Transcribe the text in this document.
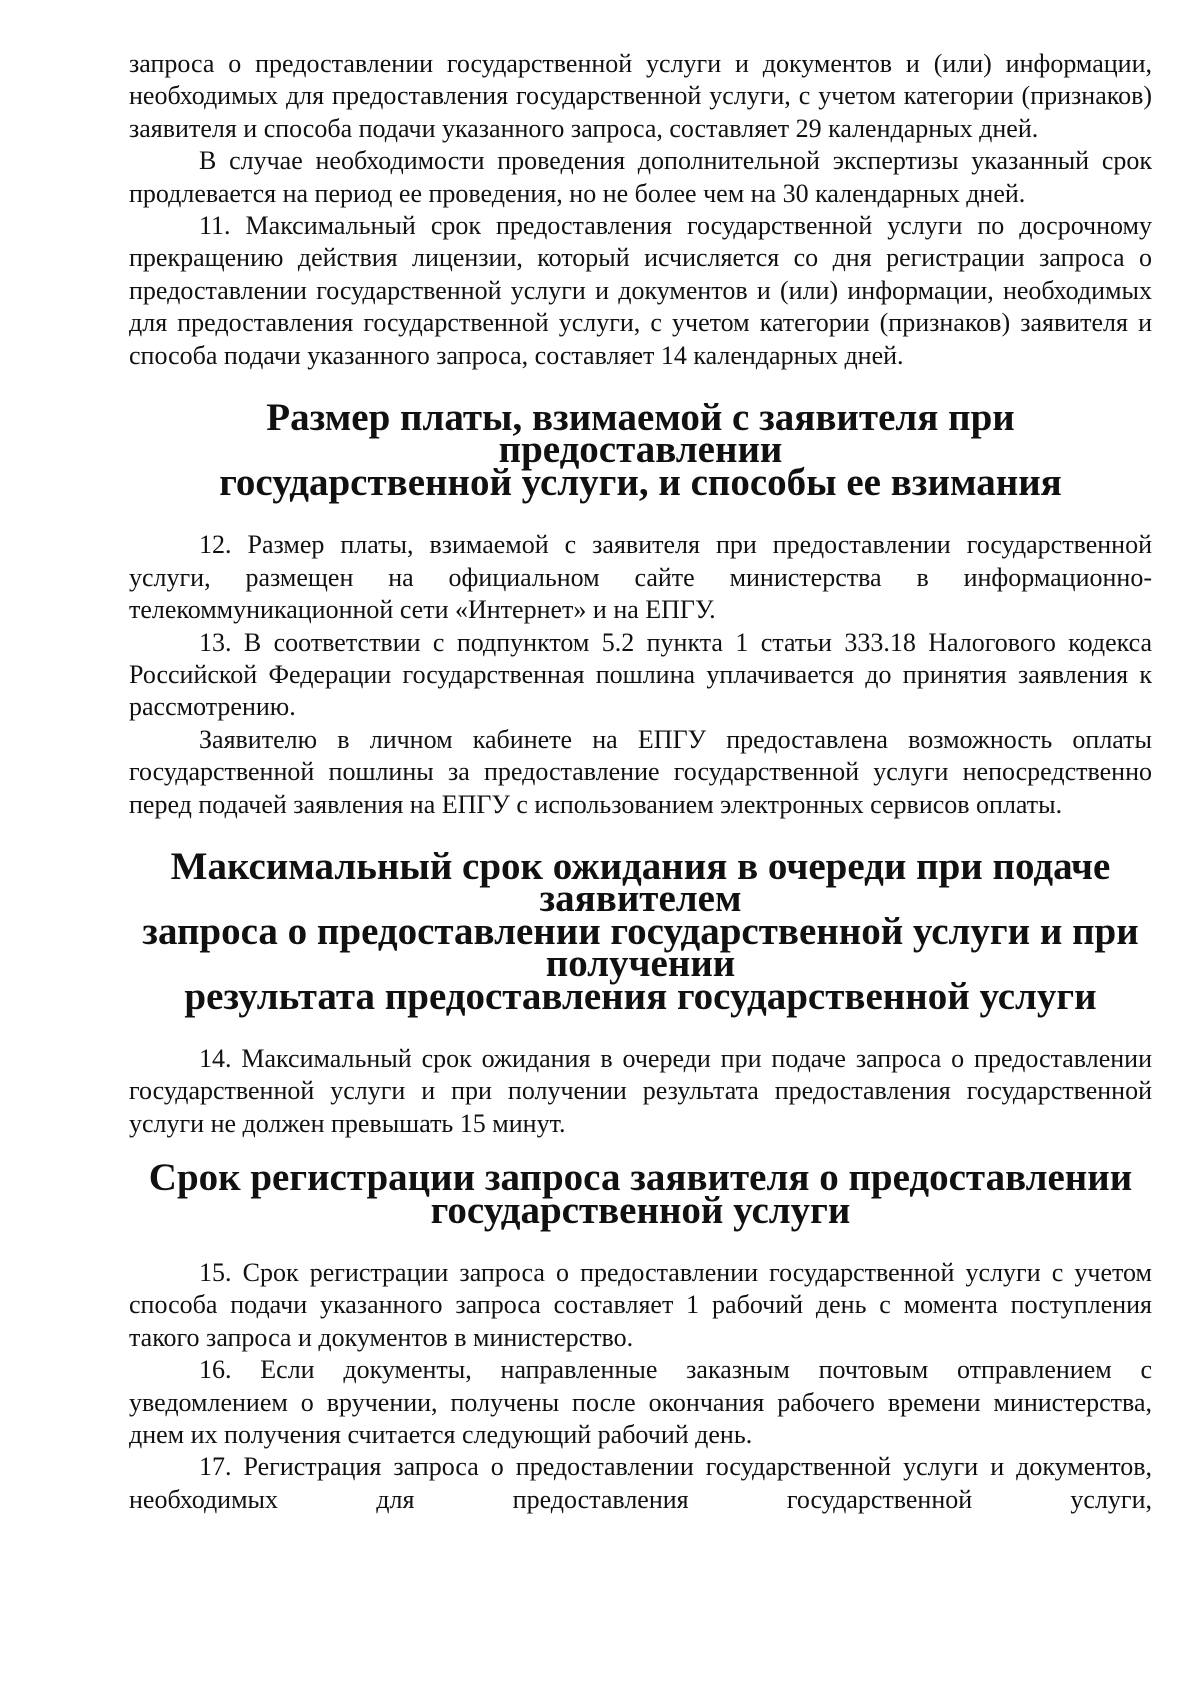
запроса о предоставлении государственной услуги и документов и (или) информации, необходимых для предоставления государственной услуги, с учетом категории (признаков) заявителя и способа подачи указанного запроса, составляет 29 календарных дней.

В случае необходимости проведения дополнительной экспертизы указанный срок продлевается на период ее проведения, но не более чем на 30 календарных дней.

11. Максимальный срок предоставления государственной услуги по досрочному прекращению действия лицензии, который исчисляется со дня регистрации запроса о предоставлении государственной услуги и документов и (или) информации, необходимых для предоставления государственной услуги, с учетом категории (признаков) заявителя и способа подачи указанного запроса, составляет 14 календарных дней.

Размер платы, взимаемой с заявителя при предоставлении
государственной услуги, и способы ее взимания

12. Размер платы, взимаемой с заявителя при предоставлении государственной услуги, размещен на официальном сайте министерства в информационно-телекоммуникационной сети «Интернет» и на ЕПГУ.

13. В соответствии с подпунктом 5.2 пункта 1 статьи 333.18 Налогового кодекса Российской Федерации государственная пошлина уплачивается до принятия заявления к рассмотрению.

Заявителю в личном кабинете на ЕПГУ предоставлена возможность оплаты государственной пошлины за предоставление государственной услуги непосредственно перед подачей заявления на ЕПГУ с использованием электронных сервисов оплаты.

Максимальный срок ожидания в очереди при подаче заявителем
запроса о предоставлении государственной услуги и при получении
результата предоставления государственной услуги

14. Максимальный срок ожидания в очереди при подаче запроса о предоставлении государственной услуги и при получении результата предоставления государственной услуги не должен превышать 15 минут.

Срок регистрации запроса заявителя о предоставлении
государственной услуги

15. Срок регистрации запроса о предоставлении государственной услуги с учетом способа подачи указанного запроса составляет 1 рабочий день с момента поступления такого запроса и документов в министерство.

16. Если документы, направленные заказным почтовым отправлением с уведомлением о вручении, получены после окончания рабочего времени министерства, днем их получения считается следующий рабочий день.

17. Регистрация запроса о предоставлении государственной услуги и документов, необходимых для предоставления государственной услуги,
